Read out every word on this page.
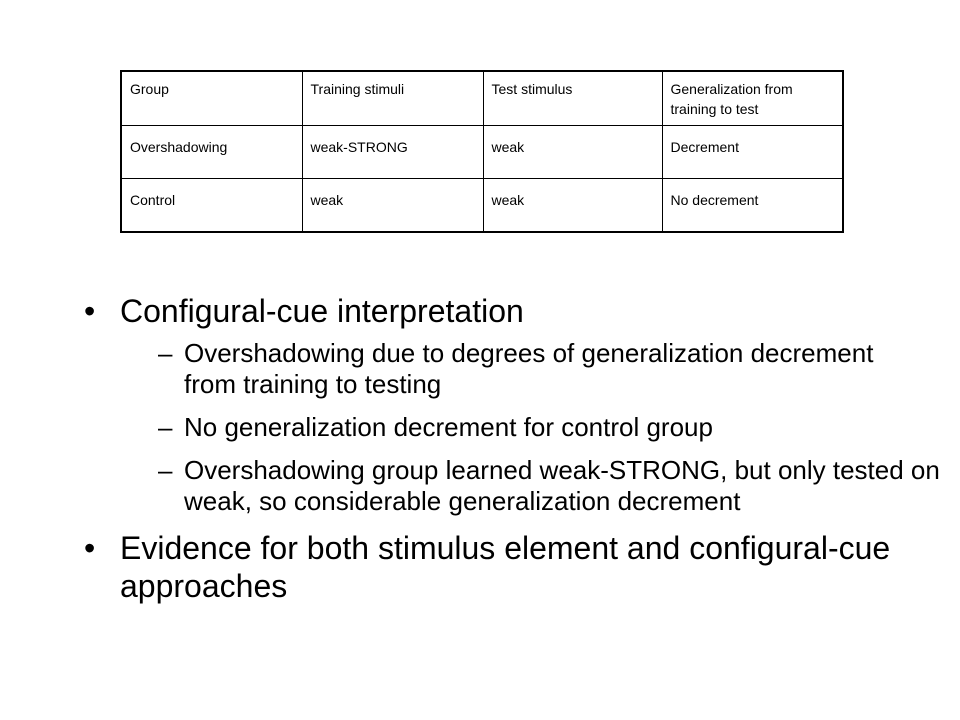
Group	Training stimuli	Test stimulus	Generalization from training to test
Overshadowing	weak-STRONG	weak	Decrement
Control	weak	weak	No decrement
• Configural-cue interpretation
– Overshadowing due to degrees of generalization decrement from training to testing
– No generalization decrement for control group
– Overshadowing group learned weak-STRONG, but only tested on weak, so considerable generalization decrement
• Evidence for both stimulus element and configural-cue approaches
